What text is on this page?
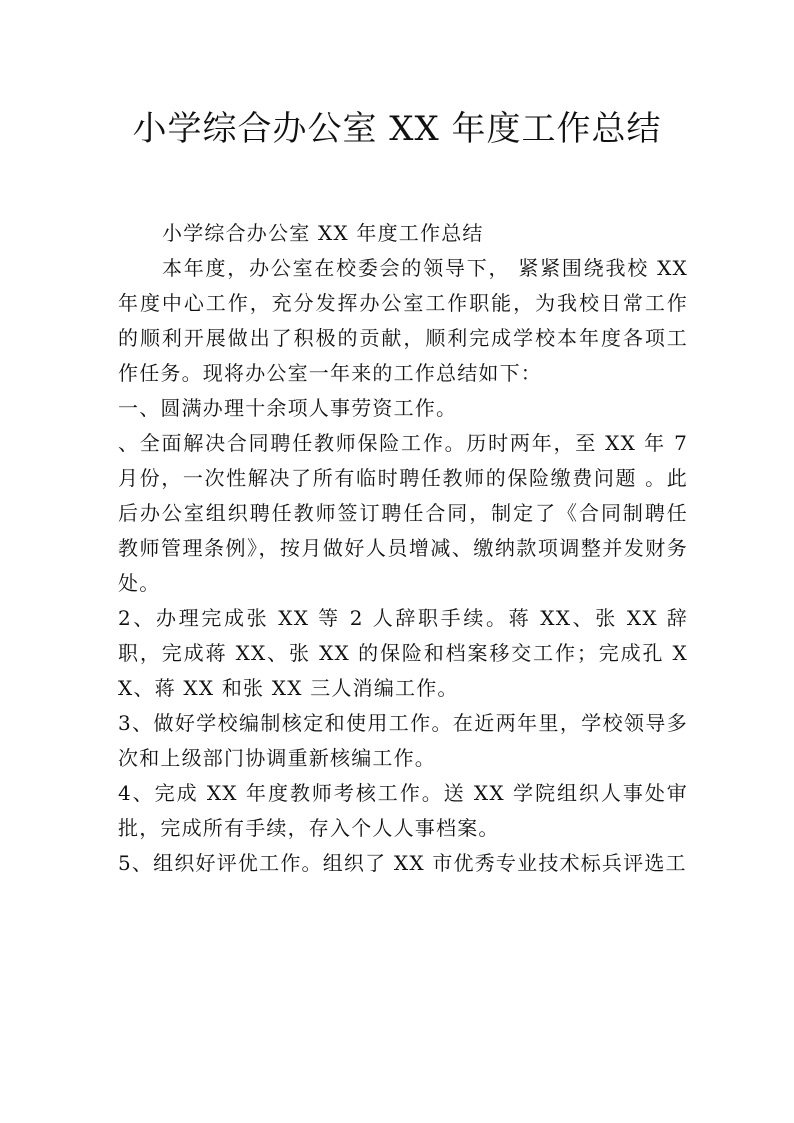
小学综合办公室 XX 年度工作总结

小学综合办公室 XX 年度工作总结

本年度，办公室在校委会的领导下， 紧紧围绕我校 XX 年度中心工作，充分发挥办公室工作职能，为我校日常工作的顺利开展做出了积极的贡献，顺利完成学校本年度各项工作任务。现将办公室一年来的工作总结如下：

一、圆满办理十余项人事劳资工作。

、全面解决合同聘任教师保险工作。历时两年，至 XX 年 7 月份，一次性解决了所有临时聘任教师的保险缴费问题 。此后办公室组织聘任教师签订聘任合同，制定了《合同制聘任教师管理条例》，按月做好人员增减、缴纳款项调整并发财务处。

2、办理完成张 XX 等 2 人辞职手续。蒋 XX、张 XX 辞职，完成蒋 XX、张 XX 的保险和档案移交工作；完成孔 XX、蒋 XX 和张 XX 三人消编工作。

3、做好学校编制核定和使用工作。在近两年里，学校领导多次和上级部门协调重新核编工作。

4、完成 XX 年度教师考核工作。送 XX 学院组织人事处审批，完成所有手续，存入个人人事档案。

5、组织好评优工作。组织了 XX 市优秀专业技术标兵评选工
